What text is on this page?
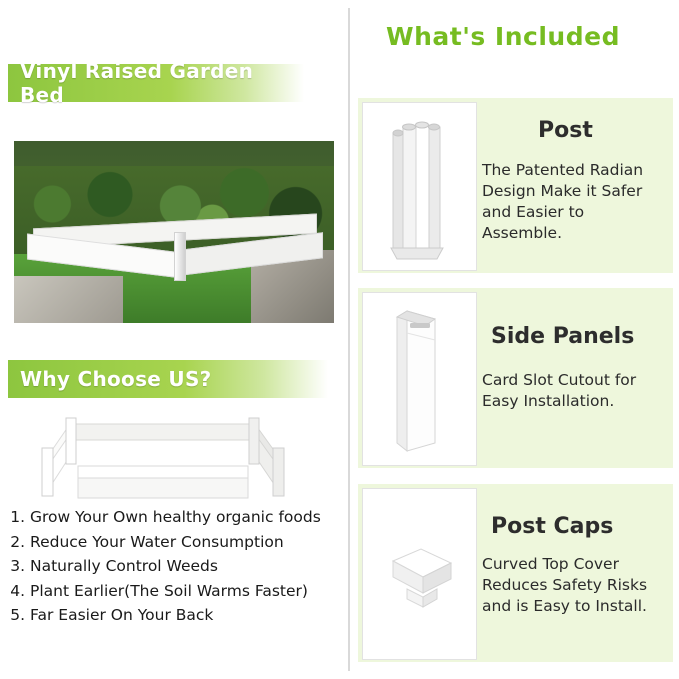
Vinyl Raised Garden Bed
Why Choose US?
1. Grow Your Own healthy organic foods
2. Reduce Your Water Consumption
3. Naturally Control Weeds
4. Plant Earlier(The Soil Warms Faster)
5. Far Easier On Your Back
What's Included
Post
The Patented Radian Design Make it Safer and Easier to Assemble.
Side Panels
Card Slot Cutout for Easy Installation.
Post Caps
Curved Top Cover Reduces Safety Risks and is Easy to Install.
